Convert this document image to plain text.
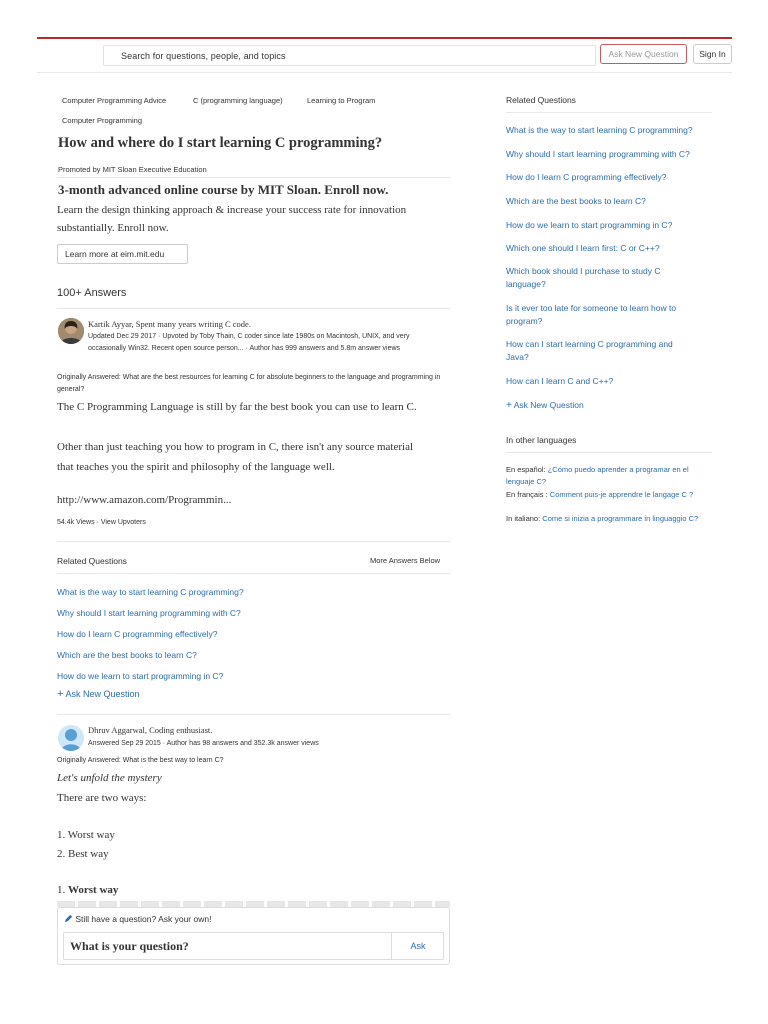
Search for questions, people, and topics	Ask New Question	Sign In
Computer Programming Advice	C (programming language)	Learning to Program
Computer Programming
How and where do I start learning C programming?
Promoted by MIT Sloan Executive Education
3-month advanced online course by MIT Sloan. Enroll now.
Learn the design thinking approach & increase your success rate for innovation substantially. Enroll now.
Learn more at eim.mit.edu
100+ Answers
Kartik Ayyar, Spent many years writing C code.
Updated Dec 29 2017 · Upvoted by Toby Thain, C coder since late 1980s on Macintosh, UNIX, and very occasionally Win32. Recent open source person... · Author has 999 answers and 5.8m answer views
Originally Answered: What are the best resources for learning C for absolute beginners to the language and programming in general?
The C Programming Language is still by far the best book you can use to learn C.
Other than just teaching you how to program in C, there isn't any source material that teaches you the spirit and philosophy of the language well.
http://www.amazon.com/Programmin...
54.4k Views · View Upvoters
Related Questions	More Answers Below
What is the way to start learning C programming?
Why should I start learning programming with C?
How do I learn C programming effectively?
Which are the best books to learn C?
How do we learn to start programming in C?
+ Ask New Question
Dhruv Aggarwal, Coding enthusiast.
Answered Sep 29 2015 · Author has 98 answers and 352.3k answer views
Originally Answered: What is the best way to learn C?
Let's unfold the mystery
There are two ways:
1. Worst way
2. Best way
1. Worst way
Still have a question? Ask your own!
What is your question?	Ask
Related Questions
What is the way to start learning C programming?
Why should I start learning programming with C?
How do I learn C programming effectively?
Which are the best books to learn C?
How do we learn to start programming in C?
Which one should I learn first: C or C++?
Which book should I purchase to study C language?
Is it ever too late for someone to learn how to program?
How can I start learning C programming and Java?
How can I learn C and C++?
+ Ask New Question
In other languages
En español: ¿Cómo puedo aprender a programar en el lenguaje C?
En français : Comment puis-je apprendre le langage C ?
In italiano: Come si inizia a programmare in linguaggio C?
